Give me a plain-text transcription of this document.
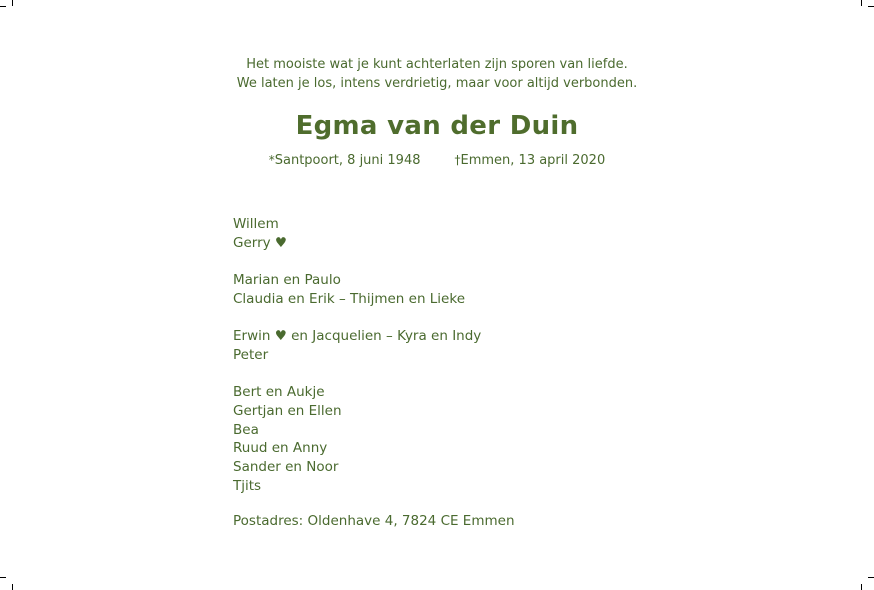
Het mooiste wat je kunt achterlaten zijn sporen van liefde.
We laten je los, intens verdrietig, maar voor altijd verbonden.
Egma van der Duin
*Santpoort, 8 juni 1948	†Emmen, 13 april 2020
Willem
Gerry ♥
Marian en Paulo
Claudia en Erik – Thijmen en Lieke
Erwin ♥ en Jacquelien – Kyra en Indy
Peter
Bert en Aukje
Gertjan en Ellen
Bea
Ruud en Anny
Sander en Noor
Tjits
Postadres: Oldenhave 4, 7824 CE Emmen
